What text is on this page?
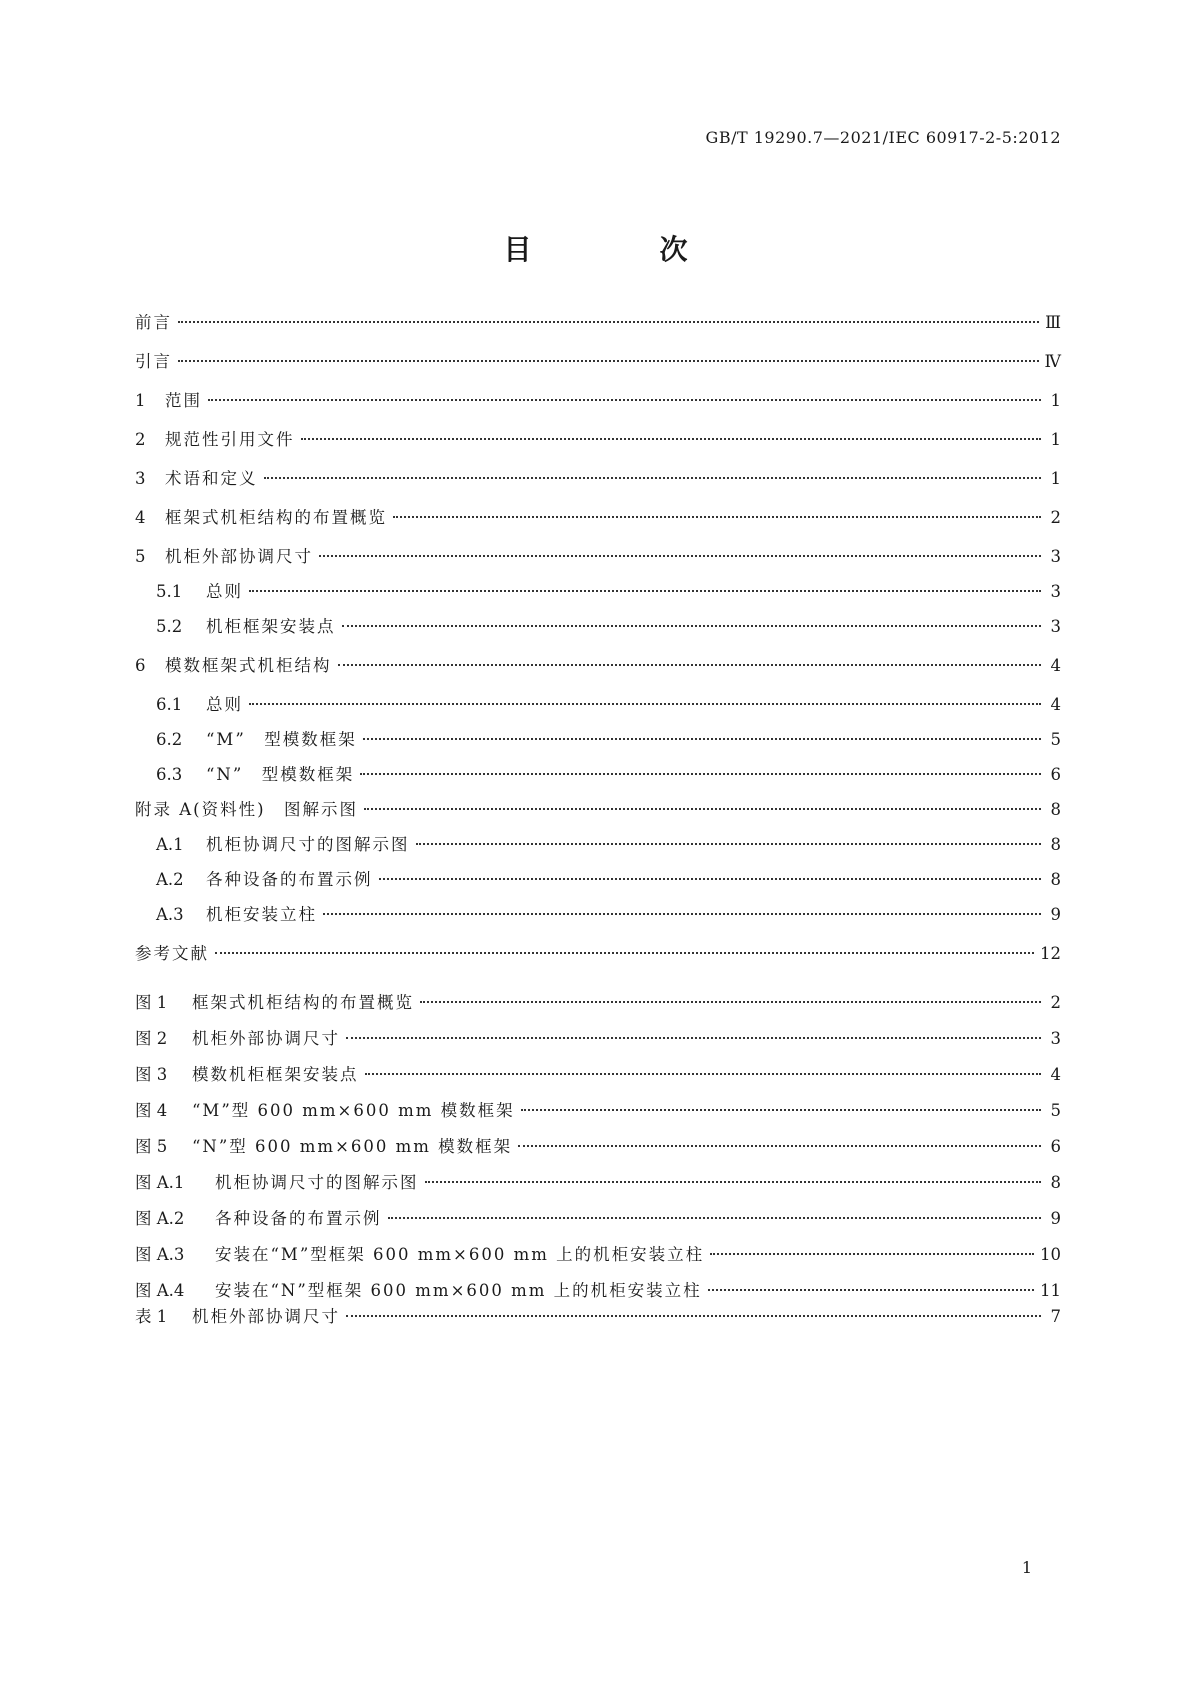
GB/T 19290.7—2021/IEC 60917-2-5:2012
目　次
前言	Ⅲ
引言	Ⅳ
1	范围	1
2	规范性引用文件	1
3	术语和定义	1
4	框架式机柜结构的布置概览	2
5	机柜外部协调尺寸	3
5.1	总则	3
5.2	机柜框架安装点	3
6	模数框架式机柜结构	4
6.1	总则	4
6.2	“M”　型模数框架	5
6.3	“N”　型模数框架	6
附录 A(资料性)　图解示图	8
A.1	机柜协调尺寸的图解示图	8
A.2	各种设备的布置示例	8
A.3	机柜安装立柱	9
参考文献	12
图 1	框架式机柜结构的布置概览	2
图 2	机柜外部协调尺寸	3
图 3	模数机柜框架安装点	4
图 4	“M”型 600 mm×600 mm 模数框架	5
图 5	“N”型 600 mm×600 mm 模数框架	6
图 A.1	机柜协调尺寸的图解示图	8
图 A.2	各种设备的布置示例	9
图 A.3	安装在“M”型框架 600 mm×600 mm 上的机柜安装立柱	10
图 A.4	安装在“N”型框架 600 mm×600 mm 上的机柜安装立柱	11
表 1	机柜外部协调尺寸	7
1
